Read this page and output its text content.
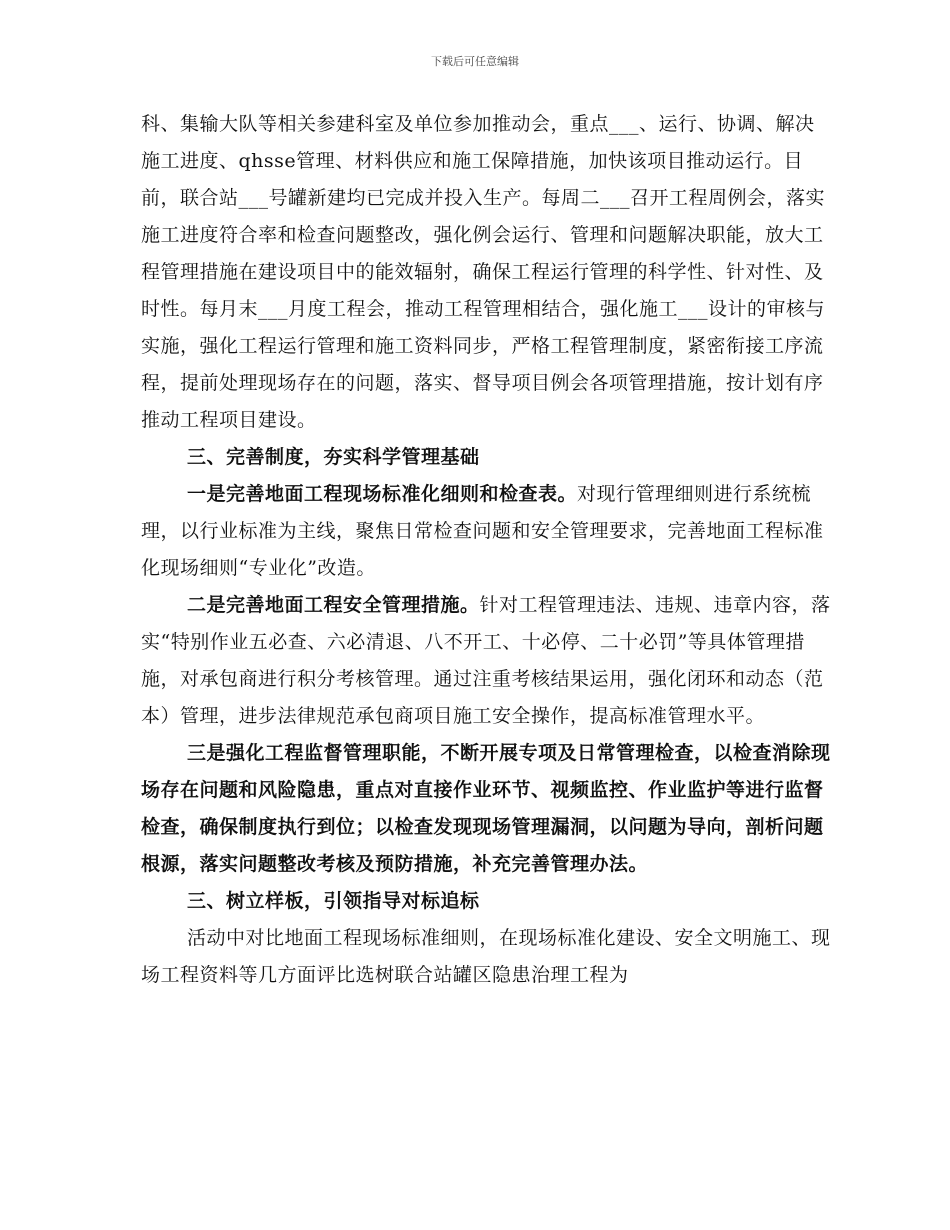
下载后可任意编辑

科、集输大队等相关参建科室及单位参加推动会，重点___、运行、协调、解决施工进度、qhsse管理、材料供应和施工保障措施，加快该项目推动运行。目前，联合站___号罐新建均已完成并投入生产。每周二___召开工程周例会，落实施工进度符合率和检查问题整改，强化例会运行、管理和问题解决职能，放大工程管理措施在建设项目中的能效辐射，确保工程运行管理的科学性、针对性、及时性。每月末___月度工程会，推动工程管理相结合，强化施工___设计的审核与实施，强化工程运行管理和施工资料同步，严格工程管理制度，紧密衔接工序流程，提前处理现场存在的问题，落实、督导项目例会各项管理措施，按计划有序推动工程项目建设。

三、完善制度，夯实科学管理基础

一是完善地面工程现场标准化细则和检查表。对现行管理细则进行系统梳理，以行业标准为主线，聚焦日常检查问题和安全管理要求，完善地面工程标准化现场细则“专业化”改造。

二是完善地面工程安全管理措施。针对工程管理违法、违规、违章内容，落实“特别作业五必查、六必清退、八不开工、十必停、二十必罚”等具体管理措施，对承包商进行积分考核管理。通过注重考核结果运用，强化闭环和动态（范本）管理，进步法律规范承包商项目施工安全操作，提高标准管理水平。

三是强化工程监督管理职能，不断开展专项及日常管理检查，以检查消除现场存在问题和风险隐患，重点对直接作业环节、视频监控、作业监护等进行监督检查，确保制度执行到位；以检查发现现场管理漏洞，以问题为导向，剖析问题根源，落实问题整改考核及预防措施，补充完善管理办法。

三、树立样板，引领指导对标追标

活动中对比地面工程现场标准细则，在现场标准化建设、安全文明施工、现场工程资料等几方面评比选树联合站罐区隐患治理工程为
